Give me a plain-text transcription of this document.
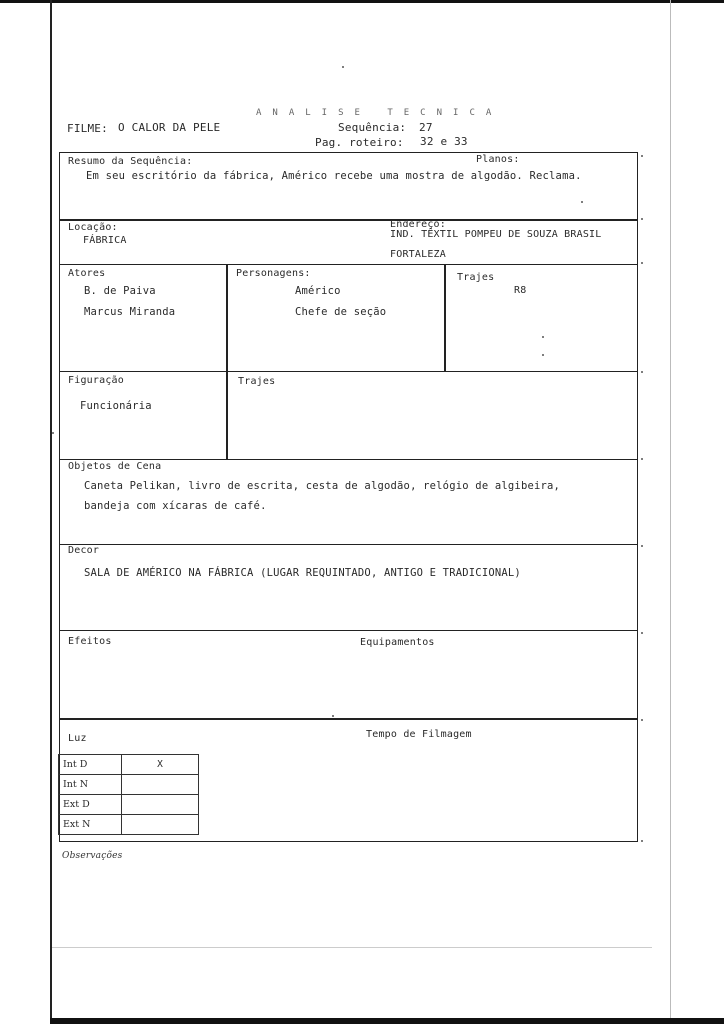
ANALISE TECNICA
FILME: O CALOR DA PELE	Sequência: 27
Pag. roteiro: 32 e 33
Resumo da Sequência:	Planos:
Em seu escritório da fábrica, Américo recebe uma mostra de algodão. Reclama.
Locação:
FÁBRICA
Endereço:
IND. TÊXTIL POMPEU DE SOUZA BRASIL
FORTALEZA
Atores
B. de Paiva
Marcus Miranda
Personagens:
Américo
Chefe de seção
Trajes
R8
Figuração
Funcionária
Trajes
Objetos de Cena
Caneta Pelikan, livro de escrita, cesta de algodão, relógio de algibeira,
bandeja com xícaras de café.
Decor
SALA DE AMÉRICO NA FÁBRICA (LUGAR REQUINTADO, ANTIGO E TRADICIONAL)
Efeitos	Equipamentos
Luz	Tempo de Filmagem
Int D	X
Int N	
Ext D	
Ext N	
Observações
